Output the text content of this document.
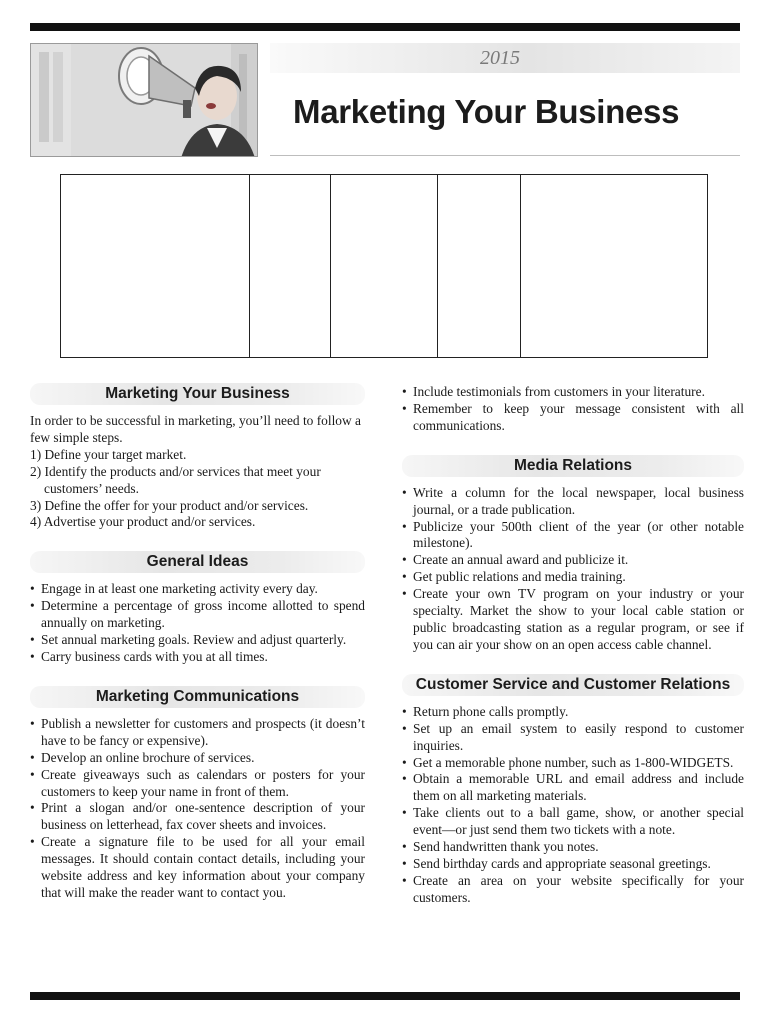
2015
Marketing Your Business
Marketing Your Business

In order to be successful in marketing, you’ll need to follow a few simple steps.

1) Define your target market.
2) Identify the products and/or services that meet your customers’ needs.
3) Define the offer for your product and/or services.
4) Advertise your product and/or services.
General Ideas
• Engage in at least one marketing activity every day.
• Determine a percentage of gross income allotted to spend annually on marketing.
• Set annual marketing goals. Review and adjust quarterly.
• Carry business cards with you at all times.
Marketing Communications
• Publish a newsletter for customers and prospects (it doesn’t have to be fancy or expensive).
• Develop an online brochure of services.
• Create giveaways such as calendars or posters for your customers to keep your name in front of them.
• Print a slogan and/or one-sentence description of your business on letterhead, fax cover sheets and invoices.
• Create a signature file to be used for all your email messages. It should contain contact details, including your website address and key information about your company that will make the reader want to contact you.
• Include testimonials from customers in your literature.
• Remember to keep your message consistent with all communications.
Media Relations
• Write a column for the local newspaper, local business journal, or a trade publication.
• Publicize your 500th client of the year (or other notable milestone).
• Create an annual award and publicize it.
• Get public relations and media training.
• Create your own TV program on your industry or your specialty. Market the show to your local cable station or public broadcasting station as a regular program, or see if you can air your show on an open access cable channel.
Customer Service and Customer Relations
• Return phone calls promptly.
• Set up an email system to easily respond to customer inquiries.
• Get a memorable phone number, such as 1-800-WIDGETS.
• Obtain a memorable URL and email address and include them on all marketing materials.
• Take clients out to a ball game, show, or another special event—or just send them two tickets with a note.
• Send handwritten thank you notes.
• Send birthday cards and appropriate seasonal greetings.
• Create an area on your website specifically for your customers.
